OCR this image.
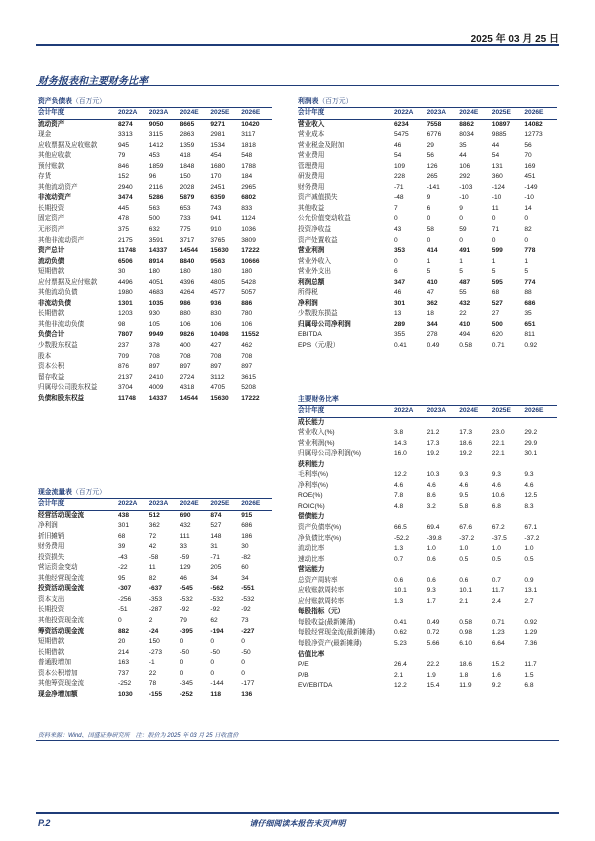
2025 年 03 月 25 日
财务报表和主要财务比率
资产负债表（百万元）
会计年度	2022A	2023A	2024E	2025E	2026E
流动资产	8274	9050	8665	9271	10420
现金	3313	3115	2863	2981	3117
应收票据及应收账款	945	1412	1359	1534	1818
其他应收款	79	453	418	454	548
预付账款	846	1859	1848	1680	1788
存货	152	96	150	170	184
其他流动资产	2940	2116	2028	2451	2965
非流动资产	3474	5286	5879	6359	6802
长期投资	445	563	653	743	833
固定资产	478	500	733	941	1124
无形资产	375	632	775	910	1036
其他非流动资产	2175	3591	3717	3765	3809
资产总计	11748	14337	14544	15630	17222
流动负债	6506	8914	8840	9563	10666
短期借款	30	180	180	180	180
应付票据及应付账款	4496	4051	4396	4805	5428
其他流动负债	1980	4683	4264	4577	5057
非流动负债	1301	1035	986	936	886
长期借款	1203	930	880	830	780
其他非流动负债	98	105	106	106	106
负债合计	7807	9949	9826	10498	11552
少数股东权益	237	378	400	427	462
股本	709	708	708	708	708
资本公积	876	897	897	897	897
留存收益	2137	2410	2724	3112	3615
归属母公司股东权益	3704	4009	4318	4705	5208
负债和股东权益	11748	14337	14544	15630	17222
现金流量表（百万元）
会计年度	2022A	2023A	2024E	2025E	2026E
经营活动现金流	438	512	690	874	915
净利润	301	362	432	527	686
折旧摊销	68	72	111	148	186
财务费用	39	42	33	31	30
投资损失	-43	-58	-59	-71	-82
营运资金变动	-22	11	129	205	60
其他经营现金流	95	82	46	34	34
投资活动现金流	-307	-637	-545	-562	-551
资本支出	-256	-353	-532	-532	-532
长期投资	-51	-287	-92	-92	-92
其他投资现金流	0	2	79	62	73
筹资活动现金流	882	-24	-395	-194	-227
短期借款	20	150	0	0	0
长期借款	214	-273	-50	-50	-50
普通股增加	163	-1	0	0	0
资本公积增加	737	22	0	0	0
其他筹资现金流	-252	78	-345	-144	-177
现金净增加额	1030	-155	-252	118	136
利润表（百万元）
会计年度	2022A	2023A	2024E	2025E	2026E
营业收入	6234	7558	8862	10897	14082
营业成本	5475	6776	8034	9885	12773
营业税金及附加	46	29	35	44	56
营业费用	54	56	44	54	70
管理费用	109	126	106	131	169
研发费用	228	265	292	360	451
财务费用	-71	-141	-103	-124	-149
资产减值损失	-48	9	-10	-10	-10
其他收益	7	6	9	11	14
公允价值变动收益	0	0	0	0	0
投资净收益	43	58	59	71	82
资产处置收益	0	0	0	0	0
营业利润	353	414	491	599	778
营业外收入	0	1	1	1	1
营业外支出	6	5	5	5	5
利润总额	347	410	487	595	774
所得税	46	47	55	68	88
净利润	301	362	432	527	686
少数股东损益	13	18	22	27	35
归属母公司净利润	289	344	410	500	651
EBITDA	355	278	494	620	811
EPS（元/股）	0.41	0.49	0.58	0.71	0.92
主要财务比率
会计年度	2022A	2023A	2024E	2025E	2026E
成长能力					
营业收入(%)	3.8	21.2	17.3	23.0	29.2
营业利润(%)	14.3	17.3	18.6	22.1	29.9
归属母公司净利润(%)	16.0	19.2	19.2	22.1	30.1
获利能力					
毛利率(%)	12.2	10.3	9.3	9.3	9.3
净利率(%)	4.6	4.6	4.6	4.6	4.6
ROE(%)	7.8	8.6	9.5	10.6	12.5
ROIC(%)	4.8	3.2	5.8	6.8	8.3
偿债能力					
资产负债率(%)	66.5	69.4	67.6	67.2	67.1
净负债比率(%)	-52.2	-39.8	-37.2	-37.5	-37.2
流动比率	1.3	1.0	1.0	1.0	1.0
速动比率	0.7	0.6	0.5	0.5	0.5
营运能力					
总资产周转率	0.6	0.6	0.6	0.7	0.9
应收账款周转率	10.1	9.3	10.1	11.7	13.1
应付账款周转率	1.3	1.7	2.1	2.4	2.7
每股指标（元）					
每股收益(最新摊薄)	0.41	0.49	0.58	0.71	0.92
每股经营现金流(最新摊薄)	0.62	0.72	0.98	1.23	1.29
每股净资产(最新摊薄)	5.23	5.66	6.10	6.64	7.36
估值比率					
P/E	26.4	22.2	18.6	15.2	11.7
P/B	2.1	1.9	1.8	1.6	1.5
EV/EBITDA	12.2	15.4	11.9	9.2	6.8
资料来源：Wind、国盛证券研究所　注：股价为 2025 年 03 月 25 日收盘价
P.2	请仔细阅读本报告末页声明
